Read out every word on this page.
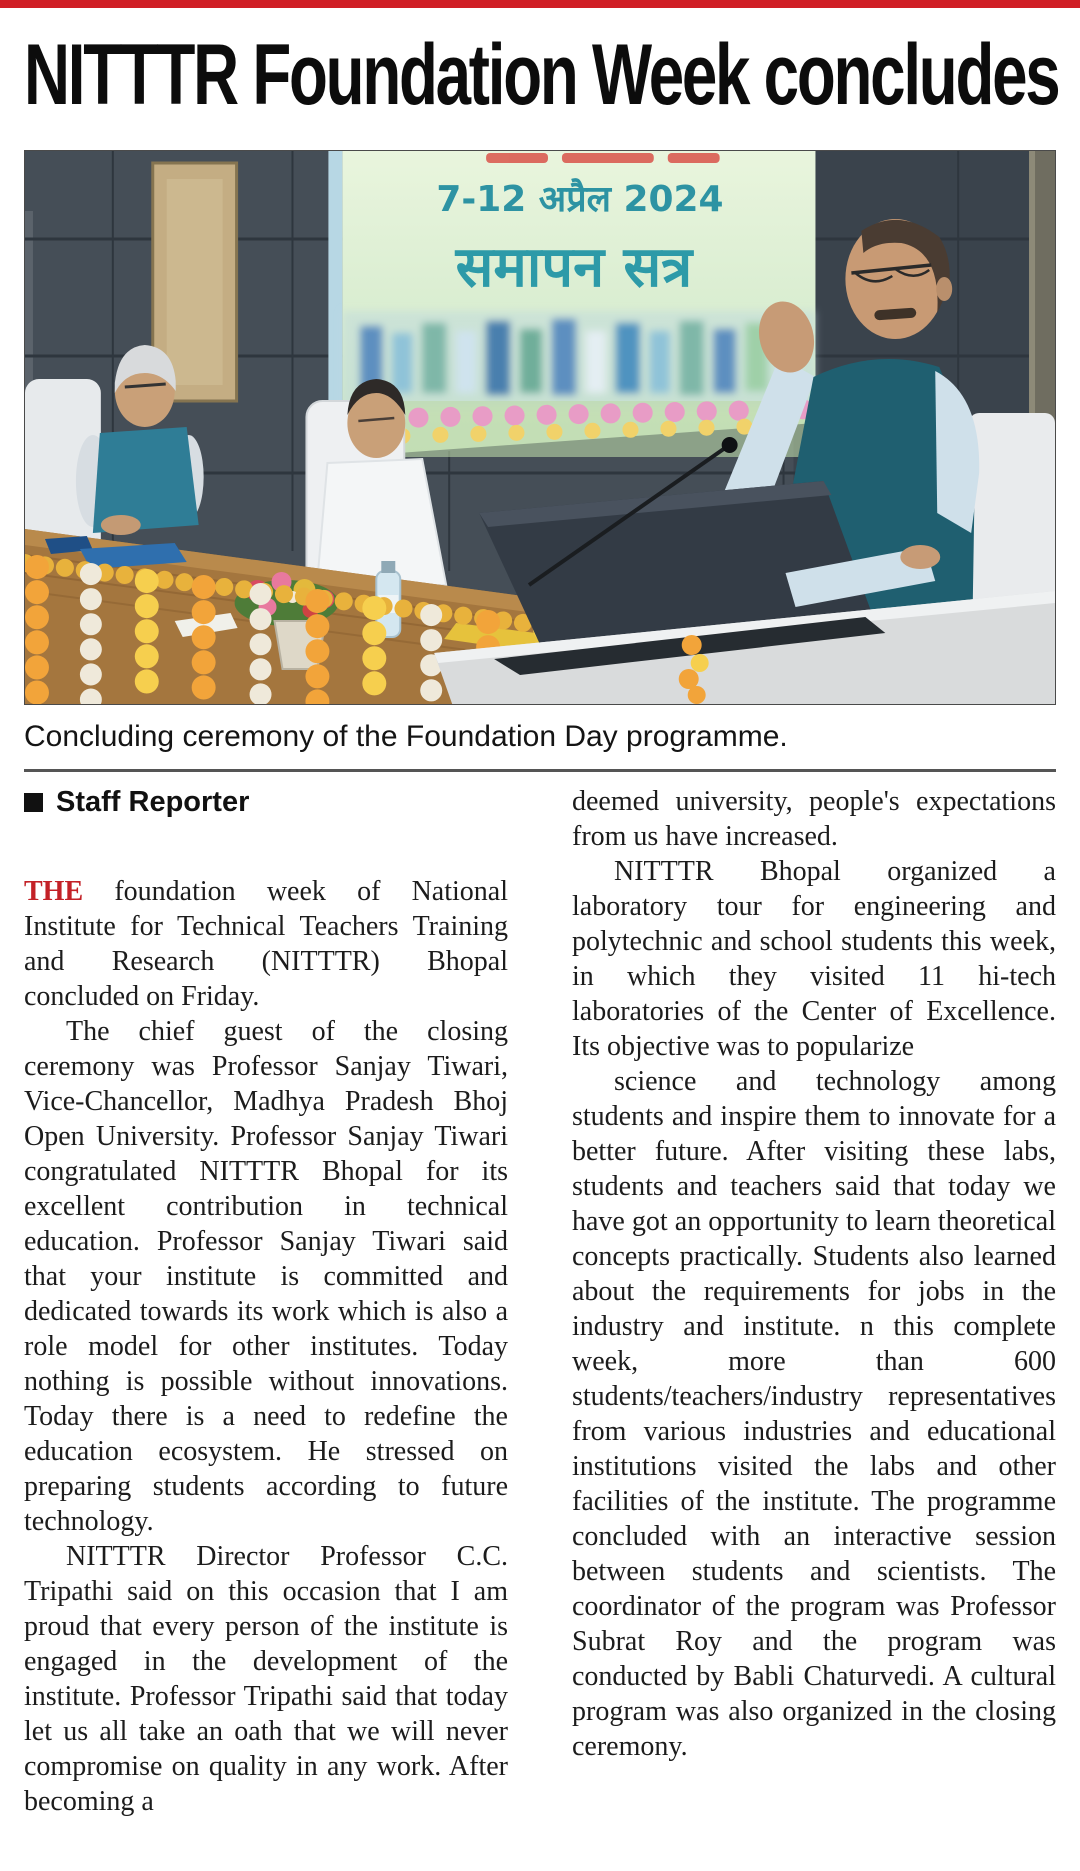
NITTTR Foundation Week concludes
7-12 अप्रैल 2024
समापन सत्र
Concluding ceremony of the Foundation Day programme.
Staff Reporter

THE foundation week of National Institute for Technical Teachers Training and Research (NITTTR) Bhopal concluded on Friday.

The chief guest of the closing ceremony was Professor Sanjay Tiwari, Vice-Chancellor, Madhya Pradesh Bhoj Open University. Professor Sanjay Tiwari congratulated NITTTR Bhopal for its excellent contribution in technical education. Professor Sanjay Tiwari said that your institute is committed and dedicated towards its work which is also a role model for other institutes. Today nothing is possible without innovations. Today there is a need to redefine the education ecosystem. He stressed on preparing students according to future technology.

NITTTR Director Professor C.C. Tripathi said on this occasion that I am proud that every person of the institute is engaged in the development of the institute. Professor Tripathi said that today let us all take an oath that we will never compromise on quality in any work. After becoming a

deemed university, people's expectations from us have increased.

NITTTR Bhopal organized a laboratory tour for engineering and polytechnic and school students this week, in which they visited 11 hi-tech laboratories of the Center of Excellence. Its objective was to popularize

science and technology among students and inspire them to innovate for a better future. After visiting these labs, students and teachers said that today we have got an opportunity to learn theoretical concepts practically. Students also learned about the requirements for jobs in the industry and institute. n this complete week, more than 600 students/teachers/industry representatives from various industries and educational institutions visited the labs and other facilities of the institute. The programme concluded with an interactive session between students and scientists. The coordinator of the program was Professor Subrat Roy and the program was conducted by Babli Chaturvedi. A cultural program was also organized in the closing ceremony.
